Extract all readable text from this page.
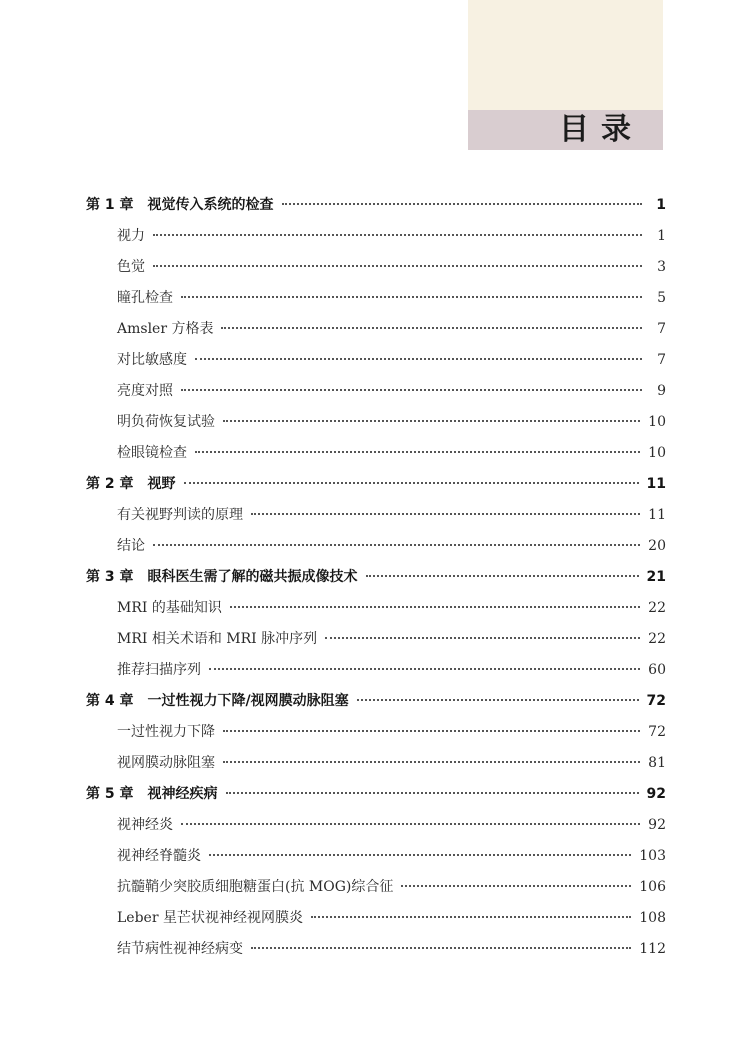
目录
第 1 章 视觉传入系统的检查	1
视力	1
色觉	3
瞳孔检查	5
Amsler 方格表	7
对比敏感度	7
亮度对照	9
明负荷恢复试验	10
检眼镜检查	10
第 2 章 视野	11
有关视野判读的原理	11
结论	20
第 3 章 眼科医生需了解的磁共振成像技术	21
MRI 的基础知识	22
MRI 相关术语和 MRI 脉冲序列	22
推荐扫描序列	60
第 4 章 一过性视力下降/视网膜动脉阻塞	72
一过性视力下降	72
视网膜动脉阻塞	81
第 5 章 视神经疾病	92
视神经炎	92
视神经脊髓炎	103
抗髓鞘少突胶质细胞糖蛋白(抗 MOG)综合征	106
Leber 星芒状视神经视网膜炎	108
结节病性视神经病变	112
